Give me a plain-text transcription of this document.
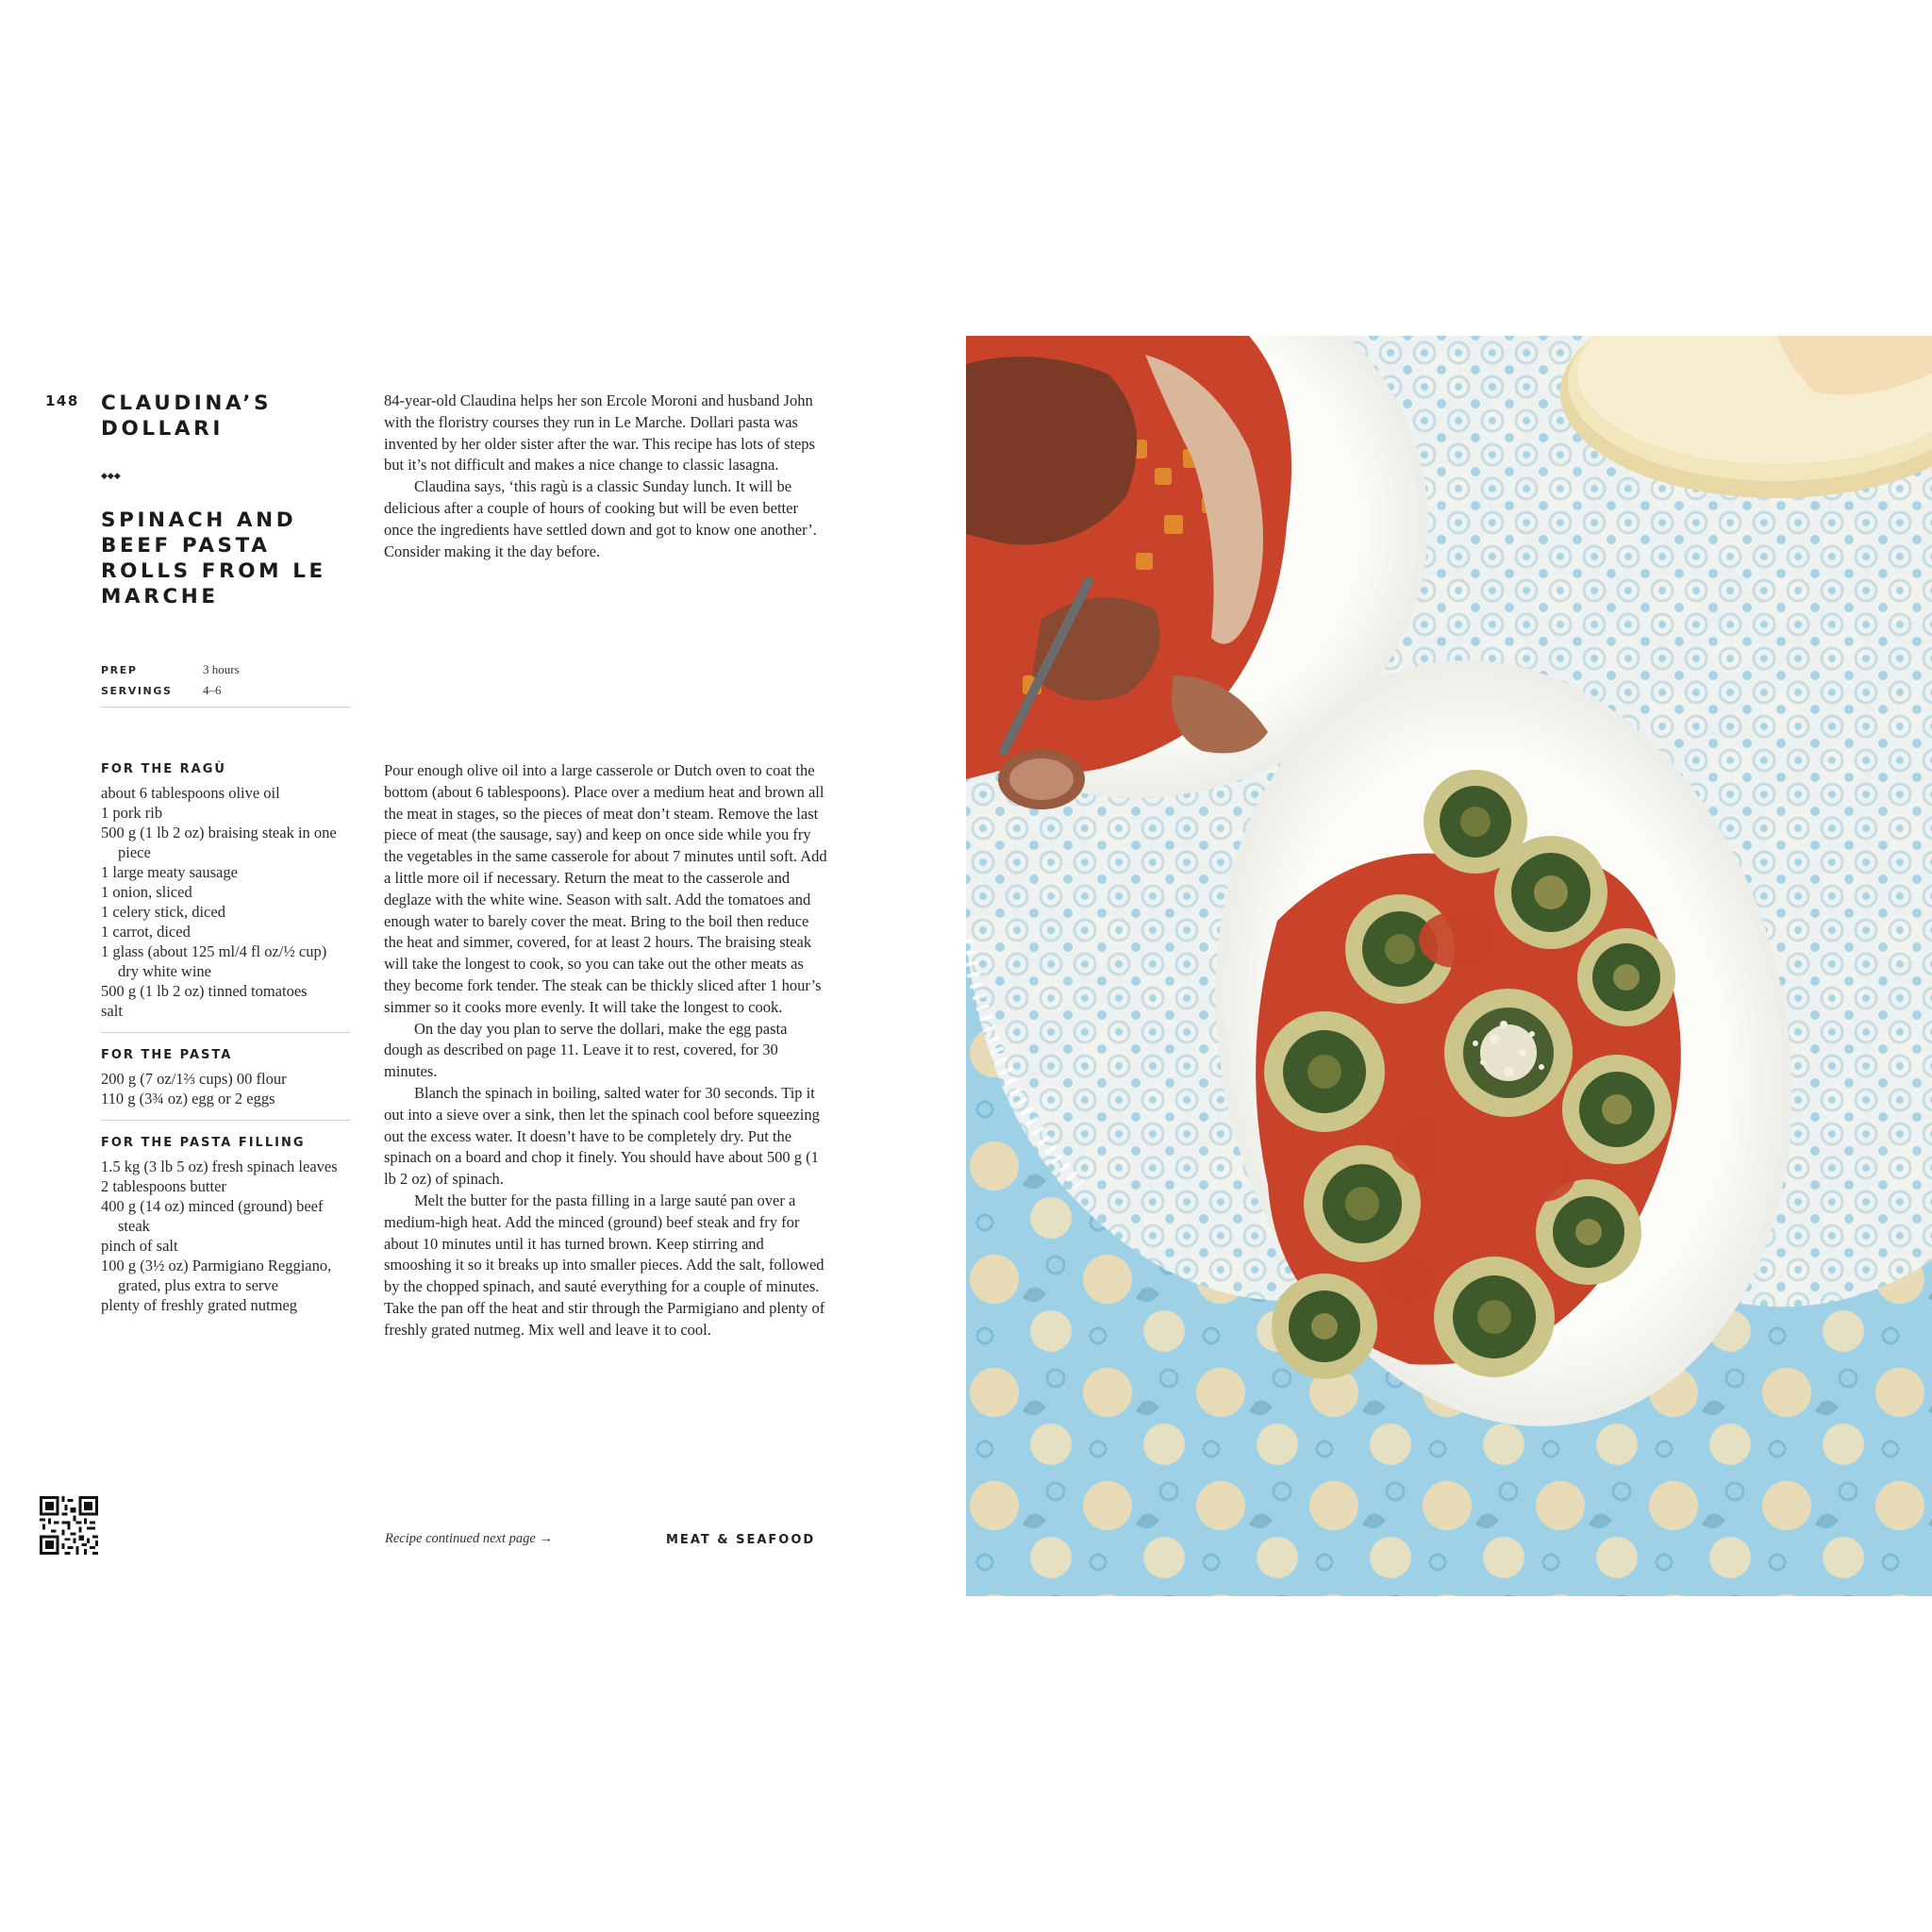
148 CLAUDINA’S DOLLARI
◆◆◆
SPINACH AND BEEF PASTA ROLLS FROM LE MARCHE
PREP	3 hours
SERVINGS	4–6

84-year-old Claudina helps her son Ercole Moroni and husband John with the floristry courses they run in Le Marche. Dollari pasta was invented by her older sister after the war. This recipe has lots of steps but it’s not difficult and makes a nice change to classic lasagna.

Claudina says, ‘this ragù is a classic Sunday lunch. It will be delicious after a couple of hours of cooking but will be even better once the ingredients have settled down and got to know one another’. Consider making it the day before.

FOR THE RAGÙ
about 6 tablespoons olive oil
1 pork rib
500 g (1 lb 2 oz) braising steak in one piece
1 large meaty sausage
1 onion, sliced
1 celery stick, diced
1 carrot, diced
1 glass (about 125 ml/4 fl oz/½ cup) dry white wine
500 g (1 lb 2 oz) tinned tomatoes
salt
FOR THE PASTA
200 g (7 oz/1⅔ cups) 00 flour
110 g (3¾ oz) egg or 2 eggs
FOR THE PASTA FILLING
1.5 kg (3 lb 5 oz) fresh spinach leaves
2 tablespoons butter
400 g (14 oz) minced (ground) beef steak
pinch of salt
100 g (3½ oz) Parmigiano Reggiano, grated, plus extra to serve
plenty of freshly grated nutmeg

Pour enough olive oil into a large casserole or Dutch oven to coat the bottom (about 6 tablespoons). Place over a medium heat and brown all the meat in stages, so the pieces of meat don’t steam. Remove the last piece of meat (the sausage, say) and keep on once side while you fry the vegetables in the same casserole for about 7 minutes until soft. Add a little more oil if necessary. Return the meat to the casserole and deglaze with the white wine. Season with salt. Add the tomatoes and enough water to barely cover the meat. Bring to the boil then reduce the heat and simmer, covered, for at least 2 hours. The braising steak will take the longest to cook, so you can take out the other meats as they become fork tender. The steak can be thickly sliced after 1 hour’s simmer so it cooks more evenly. It will take the longest to cook.

On the day you plan to serve the dollari, make the egg pasta dough as described on page 11. Leave it to rest, covered, for 30 minutes.

Blanch the spinach in boiling, salted water for 30 seconds. Tip it out into a sieve over a sink, then let the spinach cool before squeezing out the excess water. It doesn’t have to be completely dry. Put the spinach on a board and chop it finely. You should have about 500 g (1 lb 2 oz) of spinach.

Melt the butter for the pasta filling in a large sauté pan over a medium-high heat. Add the minced (ground) beef steak and fry for about 10 minutes until it has turned brown. Keep stirring and smooshing it so it breaks up into smaller pieces. Add the salt, followed by the chopped spinach, and sauté everything for a couple of minutes. Take the pan off the heat and stir through the Parmigiano and plenty of freshly grated nutmeg. Mix well and leave it to cool.

Recipe continued next page →	MEAT & SEAFOOD
